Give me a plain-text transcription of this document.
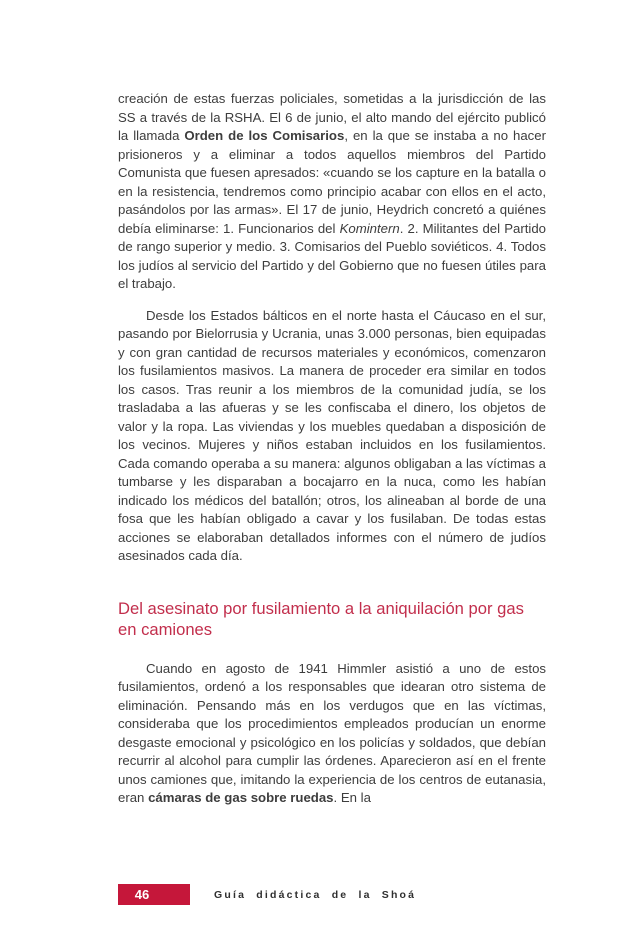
creación de estas fuerzas policiales, sometidas a la jurisdicción de las SS a través de la RSHA. El 6 de junio, el alto mando del ejército publicó la llamada Orden de los Comisarios, en la que se instaba a no hacer prisioneros y a eliminar a todos aquellos miembros del Partido Comunista que fuesen apresados: «cuando se los capture en la batalla o en la resistencia, tendremos como principio acabar con ellos en el acto, pasándolos por las armas». El 17 de junio, Heydrich concretó a quiénes debía eliminarse: 1. Funcionarios del Komintern. 2. Militantes del Partido de rango superior y medio. 3. Comisarios del Pueblo soviéticos. 4. Todos los judíos al servicio del Partido y del Gobierno que no fuesen útiles para el trabajo.

Desde los Estados bálticos en el norte hasta el Cáucaso en el sur, pasando por Bielorrusia y Ucrania, unas 3.000 personas, bien equipadas y con gran cantidad de recursos materiales y económicos, comenzaron los fusilamientos masivos. La manera de proceder era similar en todos los casos. Tras reunir a los miembros de la comunidad judía, se los trasladaba a las afueras y se les confiscaba el dinero, los objetos de valor y la ropa. Las viviendas y los muebles quedaban a disposición de los vecinos. Mujeres y niños estaban incluidos en los fusilamientos. Cada comando operaba a su manera: algunos obligaban a las víctimas a tumbarse y les disparaban a bocajarro en la nuca, como les habían indicado los médicos del batallón; otros, los alineaban al borde de una fosa que les habían obligado a cavar y los fusilaban. De todas estas acciones se elaboraban detallados informes con el número de judíos asesinados cada día.

Del asesinato por fusilamiento a la aniquilación por gas
en camiones

Cuando en agosto de 1941 Himmler asistió a uno de estos fusilamientos, ordenó a los responsables que idearan otro sistema de eliminación. Pensando más en los verdugos que en las víctimas, consideraba que los procedimientos empleados producían un enorme desgaste emocional y psicológico en los policías y soldados, que debían recurrir al alcohol para cumplir las órdenes. Aparecieron así en el frente unos camiones que, imitando la experiencia de los centros de eutanasia, eran cámaras de gas sobre ruedas. En la

46	Guía didáctica de la Shoá
